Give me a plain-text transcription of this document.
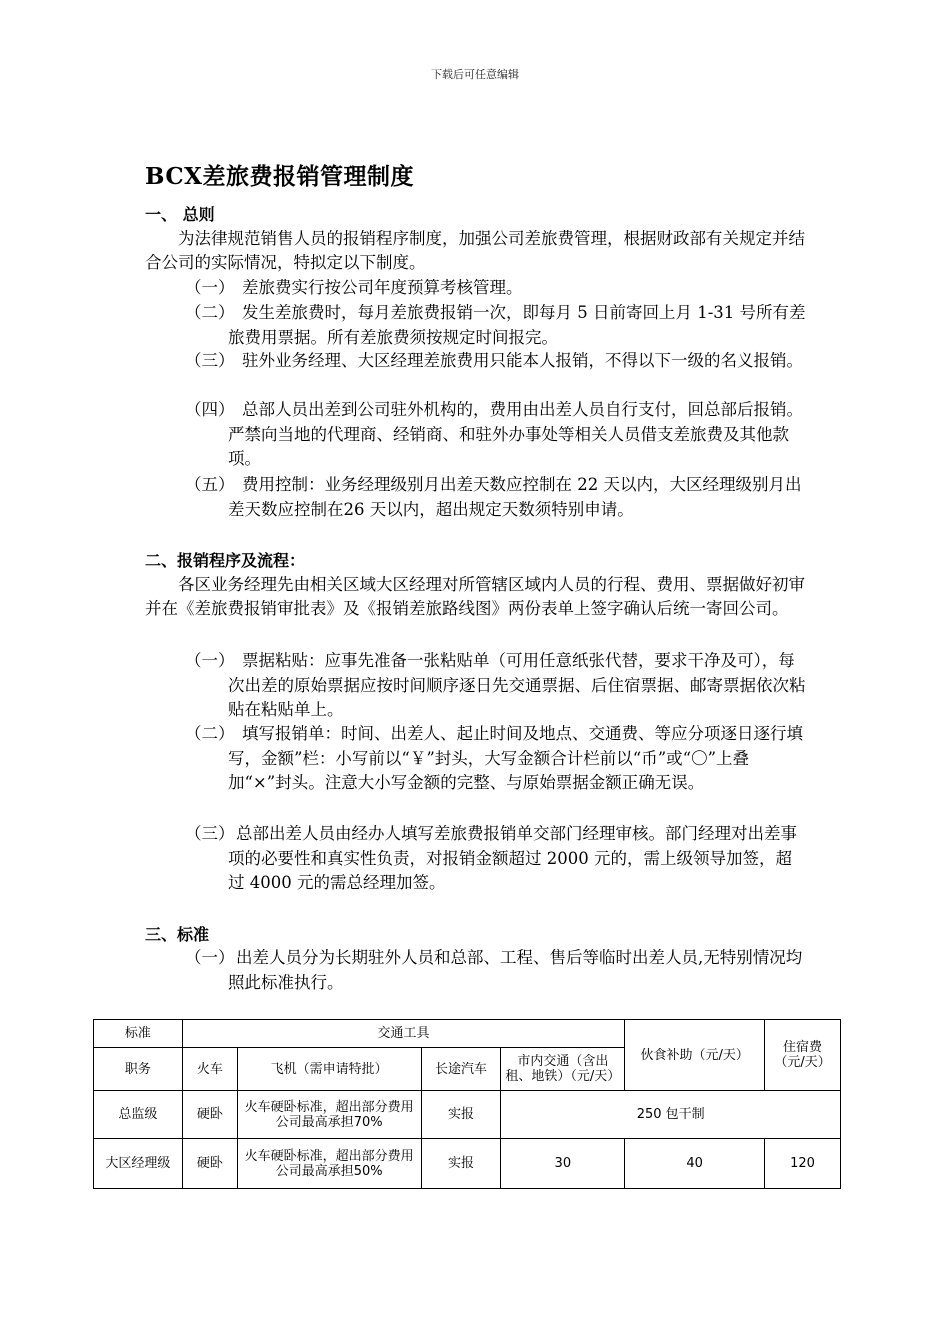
下载后可任意编辑
BCX差旅费报销管理制度
一、 总则
为法律规范销售人员的报销程序制度，加强公司差旅费管理，根据财政部有关规定并结合公司的实际情况，特拟定以下制度。
（一） 差旅费实行按公司年度预算考核管理。
（二） 发生差旅费时，每月差旅费报销一次，即每月 5 日前寄回上月 1-31 号所有差旅费用票据。所有差旅费须按规定时间报完。
（三） 驻外业务经理、大区经理差旅费用只能本人报销，不得以下一级的名义报销。
（四） 总部人员出差到公司驻外机构的，费用由出差人员自行支付，回总部后报销。严禁向当地的代理商、经销商、和驻外办事处等相关人员借支差旅费及其他款项。
（五） 费用控制：业务经理级别月出差天数应控制在 22 天以内，大区经理级别月出差天数应控制在26 天以内，超出规定天数须特别申请。
二、报销程序及流程：
各区业务经理先由相关区域大区经理对所管辖区域内人员的行程、费用、票据做好初审并在《差旅费报销审批表》及《报销差旅路线图》两份表单上签字确认后统一寄回公司。
（一） 票据粘贴：应事先准备一张粘贴单（可用任意纸张代替，要求干净及可），每次出差的原始票据应按时间顺序逐日先交通票据、后住宿票据、邮寄票据依次粘贴在粘贴单上。
（二） 填写报销单：时间、出差人、起止时间及地点、交通费、等应分项逐日逐行填写，金额”栏：小写前以“￥”封头，大写金额合计栏前以“币”或“〇”上叠加“×”封头。注意大小写金额的完整、与原始票据金额正确无误。
（三） 总部出差人员由经办人填写差旅费报销单交部门经理审核。部门经理对出差事项的必要性和真实性负责，对报销金额超过 2000 元的，需上级领导加签，超过 4000 元的需总经理加签。
三、标准
（一） 出差人员分为长期驻外人员和总部、工程、售后等临时出差人员,无特别情况均照此标准执行。
标准	交通工具				伙食补助（元/天）	住宿费（元/天）
职务	火车	飞机（需申请特批）	长途汽车	市内交通（含出租、地铁）（元/天）		
总监级	硬卧	火车硬卧标准，超出部分费用公司最高承担70%	实报	250 包干制		
大区经理级	硬卧	火车硬卧标准，超出部分费用公司最高承担50%	实报	30	40	120
